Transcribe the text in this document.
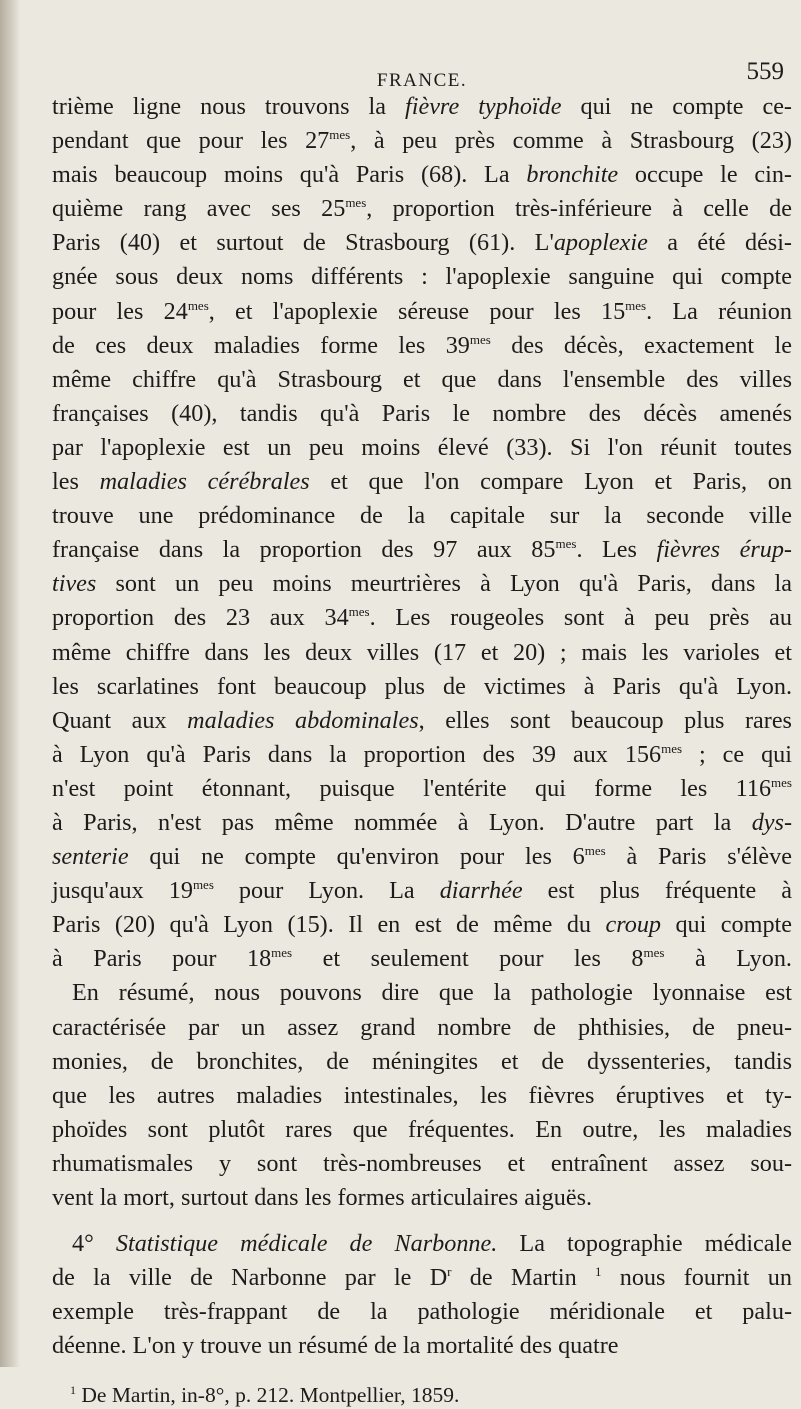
FRANCE.	559

trième ligne nous trouvons la fièvre typhoïde qui ne compte ce-

pendant que pour les $27^{mes}$, à peu près comme à Strasbourg (23)

mais beaucoup moins qu'à Paris (68). La bronchite occupe le cin-

quième rang avec ses $25^{mes}$, proportion très-inférieure à celle de

Paris (40) et surtout de Strasbourg (61). L'apoplexie a été dési-

gnée sous deux noms différents : l'apoplexie sanguine qui compte

pour les $24^{mes}$, et l'apoplexie séreuse pour les $15^{mes}$. La réunion

de ces deux maladies forme les $39^{mes}$ des décès, exactement le

même chiffre qu'à Strasbourg et que dans l'ensemble des villes

françaises (40), tandis qu'à Paris le nombre des décès amenés

par l'apoplexie est un peu moins élevé (33). Si l'on réunit toutes

les maladies cérébrales et que l'on compare Lyon et Paris, on

trouve une prédominance de la capitale sur la seconde ville

française dans la proportion des 97 aux $85^{mes}$. Les fièvres érup-

tives sont un peu moins meurtrières à Lyon qu'à Paris, dans la

proportion des 23 aux $34^{mes}$. Les rougeoles sont à peu près au

même chiffre dans les deux villes (17 et 20) ; mais les varioles et

les scarlatines font beaucoup plus de victimes à Paris qu'à Lyon.

Quant aux maladies abdominales, elles sont beaucoup plus rares

à Lyon qu'à Paris dans la proportion des 39 aux $156^{mes}$ ; ce qui

n'est point étonnant, puisque l'entérite qui forme les $116^{mes}$

à Paris, n'est pas même nommée à Lyon. D'autre part la dys-

senterie qui ne compte qu'environ pour les $6^{mes}$ à Paris s'élève

jusqu'aux $19^{mes}$ pour Lyon. La diarrhée est plus fréquente à

Paris (20) qu'à Lyon (15). Il en est de même du croup qui compte

à Paris pour $18^{mes}$ et seulement pour les $8^{mes}$ à Lyon.

En résumé, nous pouvons dire que la pathologie lyonnaise est

caractérisée par un assez grand nombre de phthisies, de pneu-

monies, de bronchites, de méningites et de dyssenteries, tandis

que les autres maladies intestinales, les fièvres éruptives et ty-

phoïdes sont plutôt rares que fréquentes. En outre, les maladies

rhumatismales y sont très-nombreuses et entraînent assez sou-

vent la mort, surtout dans les formes articulaires aiguës.

4° Statistique médicale de Narbonne. La topographie médicale

de la ville de Narbonne par le $D^r$ de Martin $^1$ nous fournit un

exemple très-frappant de la pathologie méridionale et palu-

déenne. L'on y trouve un résumé de la mortalité des quatre

$^1$ De Martin, in-8°, p. 212. Montpellier, 1859.
